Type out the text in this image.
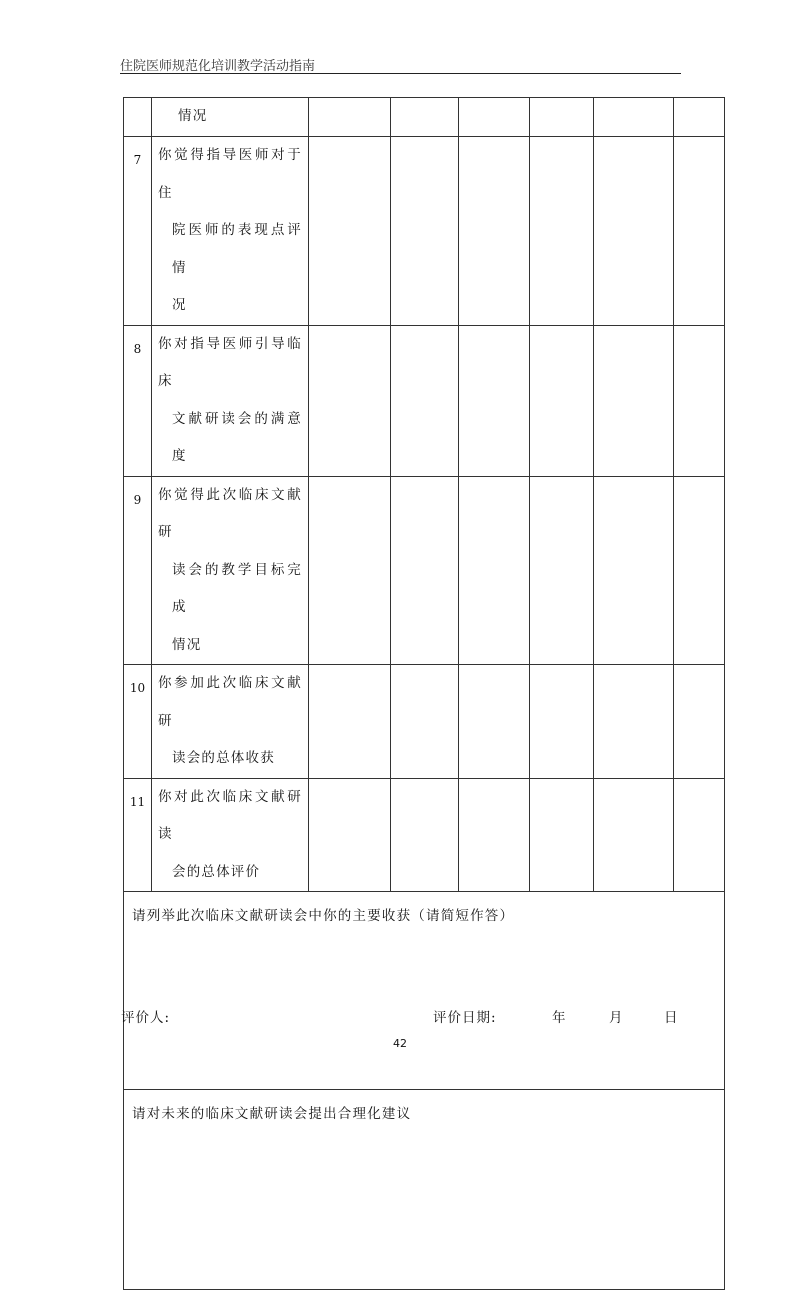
住院医师规范化培训教学活动指南

	情况						

7	你觉得指导医师对于住
院医师的表现点评情
况						

8	你对指导医师引导临床
文献研读会的满意度						

9	你觉得此次临床文献研
读会的教学目标完成
情况						

10	你参加此次临床文献研
读会的总体收获						

11	你对此次临床文献研读
会的总体评价						

请列举此次临床文献研读会中你的主要收获（请简短作答）							

请对未来的临床文献研读会提出合理化建议							
评价人:	评价日期:	年	月	日
42
